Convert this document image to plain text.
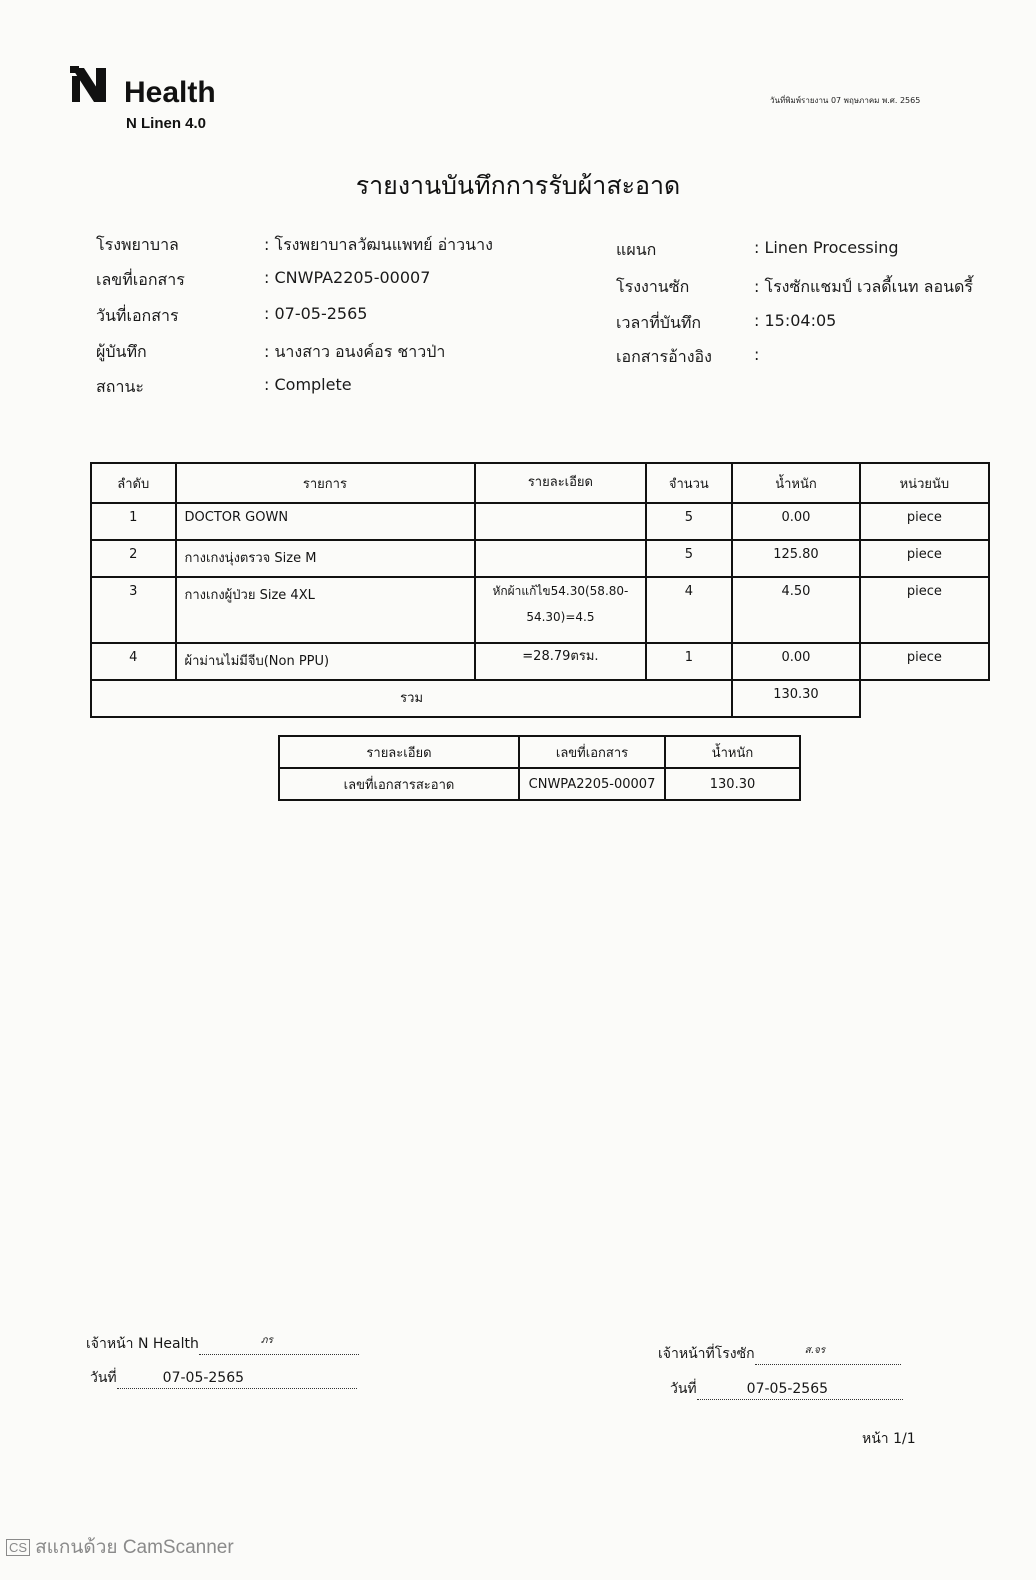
Health
N Linen 4.0
วันที่พิมพ์รายงาน 07 พฤษภาคม พ.ศ. 2565
รายงานบันทึกการรับผ้าสะอาด
โรงพยาบาล	: โรงพยาบาลวัฒนแพทย์ อ่าวนาง
เลขที่เอกสาร	: CNWPA2205-00007
วันที่เอกสาร	: 07-05-2565
ผู้บันทึก	: นางสาว อนงค์อร ชาวป่า
สถานะ	: Complete
แผนก	: Linen Processing
โรงงานซัก	: โรงซักแชมป์ เวลดี้เนท ลอนดรี้
เวลาที่บันทึก	: 15:04:05
เอกสารอ้างอิง	:
ลำดับ	รายการ	รายละเอียด	จำนวน	น้ำหนัก	หน่วยนับ
1	DOCTOR GOWN		5	0.00	piece
2	กางเกงนุ่งตรวจ Size M		5	125.80	piece
3	กางเกงผู้ป่วย Size 4XL	หักผ้าแก้ไข54.30(58.80-54.30)=4.5	4	4.50	piece
4	ผ้าม่านไม่มีจีบ(Non PPU)	=28.79ตรม.	1	0.00	piece
รวม				130.30	
รายละเอียด	เลขที่เอกสาร	น้ำหนัก
เลขที่เอกสารสะอาด	CNWPA2205-00007	130.30
เจ้าหน้า N Health	ภร
วันที่	07-05-2565
เจ้าหน้าที่โรงซัก	ส.จร
วันที่	07-05-2565
หน้า 1/1
CS สแกนด้วย CamScanner
